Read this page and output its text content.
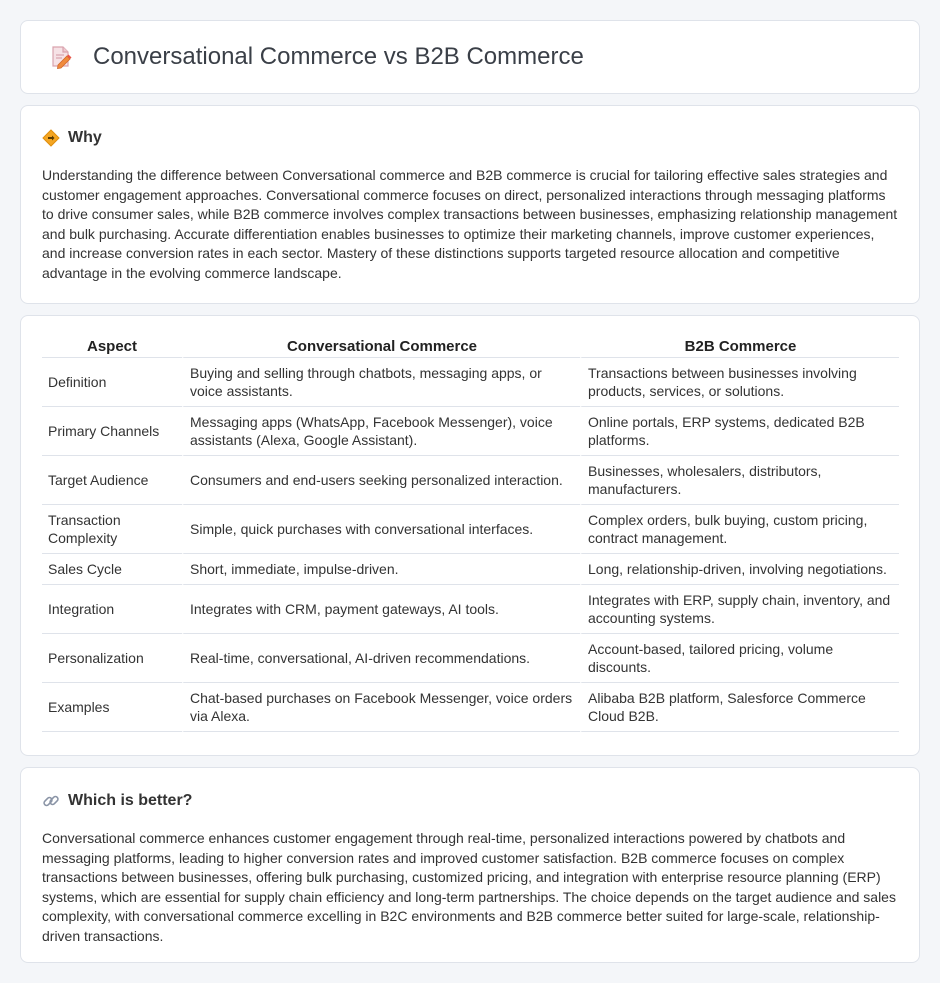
Conversational Commerce vs B2B Commerce
Why

Understanding the difference between Conversational commerce and B2B commerce is crucial for tailoring effective sales strategies and customer engagement approaches. Conversational commerce focuses on direct, personalized interactions through messaging platforms to drive consumer sales, while B2B commerce involves complex transactions between businesses, emphasizing relationship management and bulk purchasing. Accurate differentiation enables businesses to optimize their marketing channels, improve customer experiences, and increase conversion rates in each sector. Mastery of these distinctions supports targeted resource allocation and competitive advantage in the evolving commerce landscape.

Aspect	Conversational Commerce	B2B Commerce
Definition	Buying and selling through chatbots, messaging apps, or voice assistants.	Transactions between businesses involving products, services, or solutions.
Primary Channels	Messaging apps (WhatsApp, Facebook Messenger), voice assistants (Alexa, Google Assistant).	Online portals, ERP systems, dedicated B2B platforms.
Target Audience	Consumers and end-users seeking personalized interaction.	Businesses, wholesalers, distributors, manufacturers.
Transaction Complexity	Simple, quick purchases with conversational interfaces.	Complex orders, bulk buying, custom pricing, contract management.
Sales Cycle	Short, immediate, impulse-driven.	Long, relationship-driven, involving negotiations.
Integration	Integrates with CRM, payment gateways, AI tools.	Integrates with ERP, supply chain, inventory, and accounting systems.
Personalization	Real-time, conversational, AI-driven recommendations.	Account-based, tailored pricing, volume discounts.
Examples	Chat-based purchases on Facebook Messenger, voice orders via Alexa.	Alibaba B2B platform, Salesforce Commerce Cloud B2B.
Which is better?

Conversational commerce enhances customer engagement through real-time, personalized interactions powered by chatbots and messaging platforms, leading to higher conversion rates and improved customer satisfaction. B2B commerce focuses on complex transactions between businesses, offering bulk purchasing, customized pricing, and integration with enterprise resource planning (ERP) systems, which are essential for supply chain efficiency and long-term partnerships. The choice depends on the target audience and sales complexity, with conversational commerce excelling in B2C environments and B2B commerce better suited for large-scale, relationship-driven transactions.
